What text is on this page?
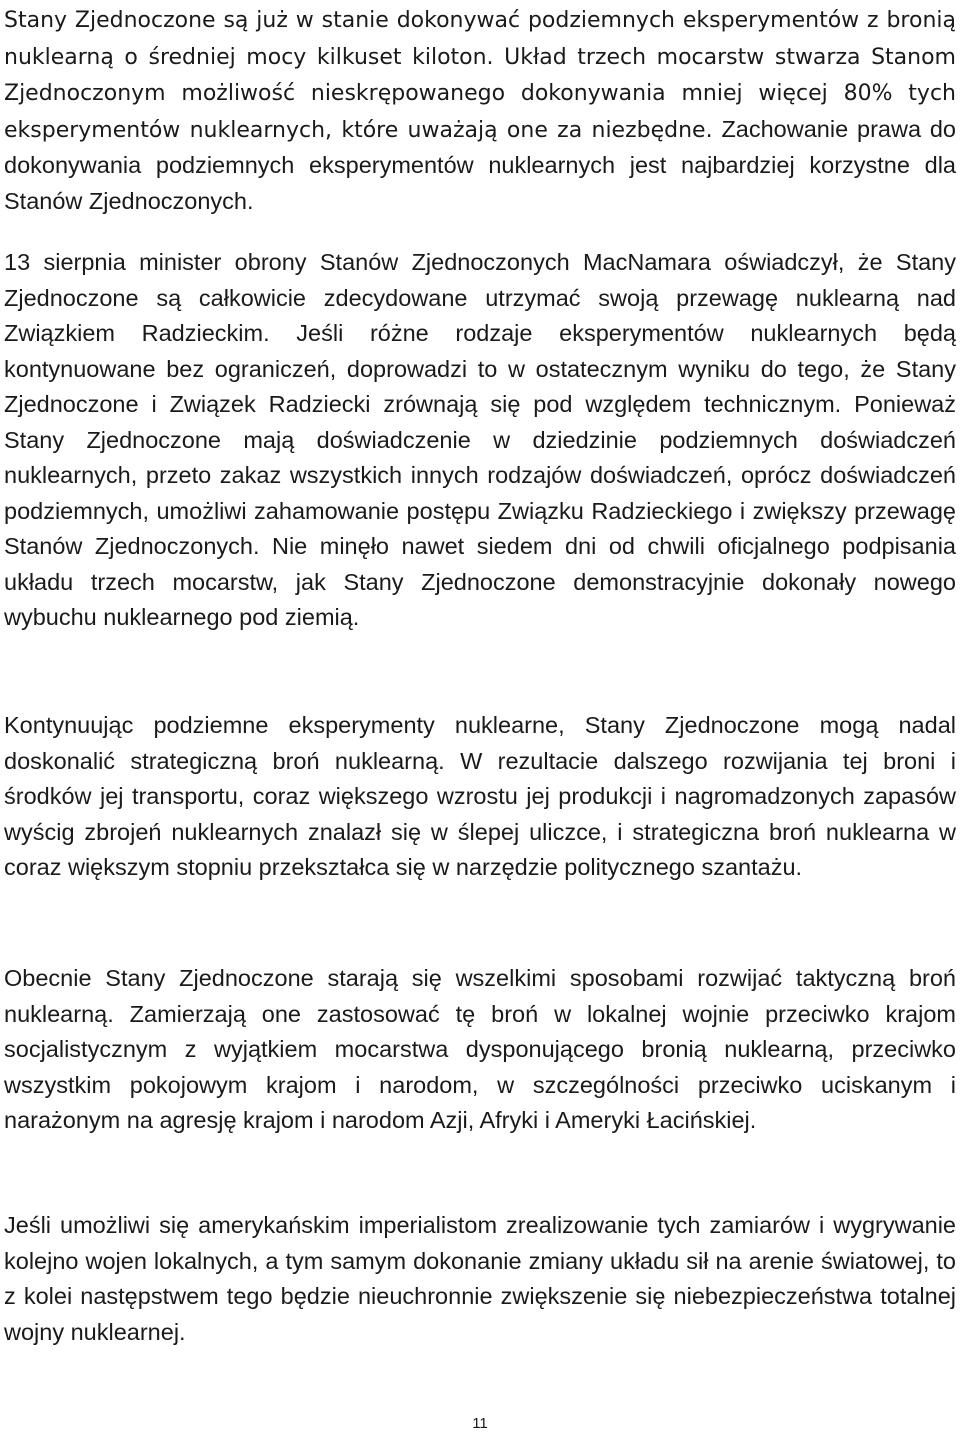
Stany Zjednoczone są już w stanie dokonywać podziemnych eksperymentów z bronią nuklearną o średniej mocy kilkuset kiloton. Układ trzech mocarstw stwarza Stanom Zjednoczonym możliwość nieskrępowanego dokonywania mniej więcej 80% tych eksperymentów nuklearnych, które uważają one za niezbędne. Zachowanie prawa do dokonywania podziemnych eksperymentów nuklearnych jest najbardziej korzystne dla Stanów Zjednoczonych.

13 sierpnia minister obrony Stanów Zjednoczonych MacNamara oświadczył, że Stany Zjednoczone są całkowicie zdecydowane utrzymać swoją przewagę nuklearną nad Związkiem Radzieckim. Jeśli różne rodzaje eksperymentów nuklearnych będą kontynuowane bez ograniczeń, doprowadzi to w ostatecznym wyniku do tego, że Stany Zjednoczone i Związek Radziecki zrównają się pod względem technicznym. Ponieważ Stany Zjednoczone mają doświadczenie w dziedzinie podziemnych doświadczeń nuklearnych, przeto zakaz wszystkich innych rodzajów doświadczeń, oprócz doświadczeń podziemnych, umożliwi zahamowanie postępu Związku Radzieckiego i zwiększy przewagę Stanów Zjednoczonych. Nie minęło nawet siedem dni od chwili oficjalnego podpisania układu trzech mocarstw, jak Stany Zjednoczone demonstracyjnie dokonały nowego wybuchu nuklearnego pod ziemią.

Kontynuując podziemne eksperymenty nuklearne, Stany Zjednoczone mogą nadal doskonalić strategiczną broń nuklearną. W rezultacie dalszego rozwijania tej broni i środków jej transportu, coraz większego wzrostu jej produkcji i nagromadzonych zapasów wyścig zbrojeń nuklearnych znalazł się w ślepej uliczce, i strategiczna broń nuklearna w coraz większym stopniu przekształca się w narzędzie politycznego szantażu.

Obecnie Stany Zjednoczone starają się wszelkimi sposobami rozwijać taktyczną broń nuklearną. Zamierzają one zastosować tę broń w lokalnej wojnie przeciwko krajom socjalistycznym z wyjątkiem mocarstwa dysponującego bronią nuklearną, przeciwko wszystkim pokojowym krajom i narodom, w szczególności przeciwko uciskanym i narażonym na agresję krajom i narodom Azji, Afryki i Ameryki Łacińskiej.

Jeśli umożliwi się amerykańskim imperialistom zrealizowanie tych zamiarów i wygrywanie kolejno wojen lokalnych, a tym samym dokonanie zmiany układu sił na arenie światowej, to z kolei następstwem tego będzie nieuchronnie zwiększenie się niebezpieczeństwa totalnej wojny nuklearnej.

11
